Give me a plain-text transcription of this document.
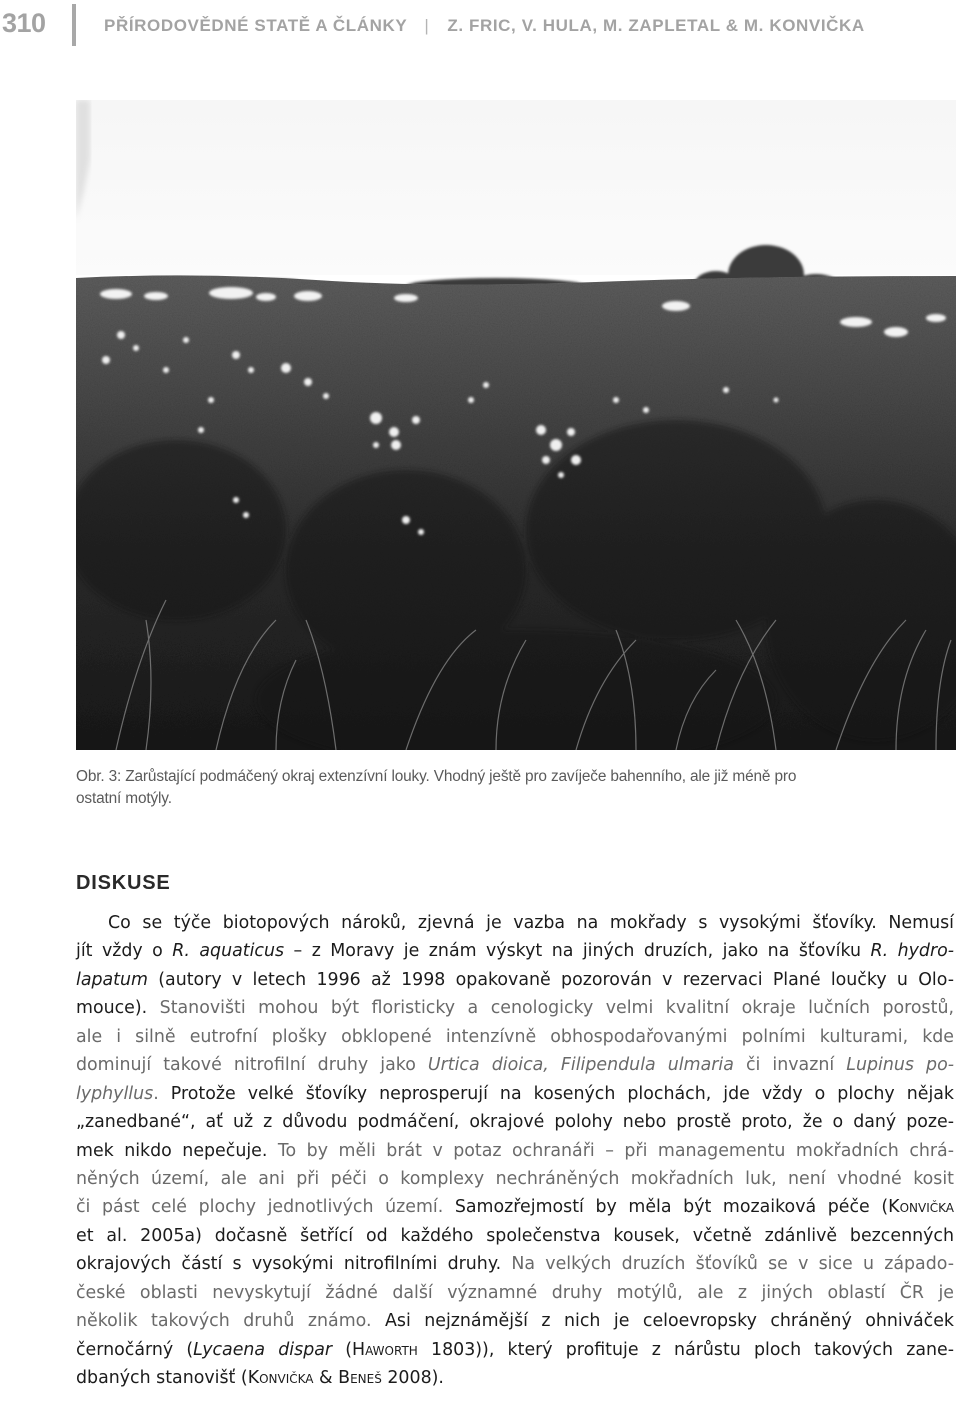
310	PŘÍRODOVĚDNÉ STATĚ A ČLÁNKY | Z. FRIC, V. HULA, M. ZAPLETAL & M. KONVIČKA
Obr. 3: Zarůstající podmáčený okraj extenzívní louky. Vhodný ještě pro zavíječe bahenního, ale již méně pro
ostatní motýly.
DISKUSE
Co se týče biotopových nároků, zjevná je vazba na mokřady s vysokými šťovíky. Nemusí
jít vždy o R. aquaticus – z Moravy je znám výskyt na jiných druzích, jako na šťovíku R. hydro-
lapatum (autory v letech 1996 až 1998 opakovaně pozorován v rezervaci Plané loučky u Olo-
mouce). Stanovišti mohou být floristicky a cenologicky velmi kvalitní okraje lučních porostů,
ale i silně eutrofní plošky obklopené intenzívně obhospodařovanými polními kulturami, kde
dominují takové nitrofilní druhy jako Urtica dioica, Filipendula ulmaria či invazní Lupinus po-
lyphyllus. Protože velké šťovíky neprosperují na kosených plochách, jde vždy o plochy nějak
„zanedbané“, ať už z důvodu podmáčení, okrajové polohy nebo prostě proto, že o daný poze-
mek nikdo nepečuje. To by měli brát v potaz ochranáři – při managementu mokřadních chrá-
něných území, ale ani při péči o komplexy nechráněných mokřadních luk, není vhodné kosit
či pást celé plochy jednotlivých území. Samozřejmostí by měla být mozaiková péče (Konvička
et al. 2005a) dočasně šetřící od každého společenstva kousek, včetně zdánlivě bezcenných
okrajových částí s vysokými nitrofilními druhy. Na velkých druzích šťovíků se v sice u západo-
české oblasti nevyskytují žádné další významné druhy motýlů, ale z jiných oblastí ČR je
několik takových druhů známo. Asi nejznámější z nich je celoevropsky chráněný ohniváček
černočárný (Lycaena dispar (Haworth 1803)), který profituje z nárůstu ploch takových zane-
dbaných stanovišť (Konvička & Beneš 2008).
